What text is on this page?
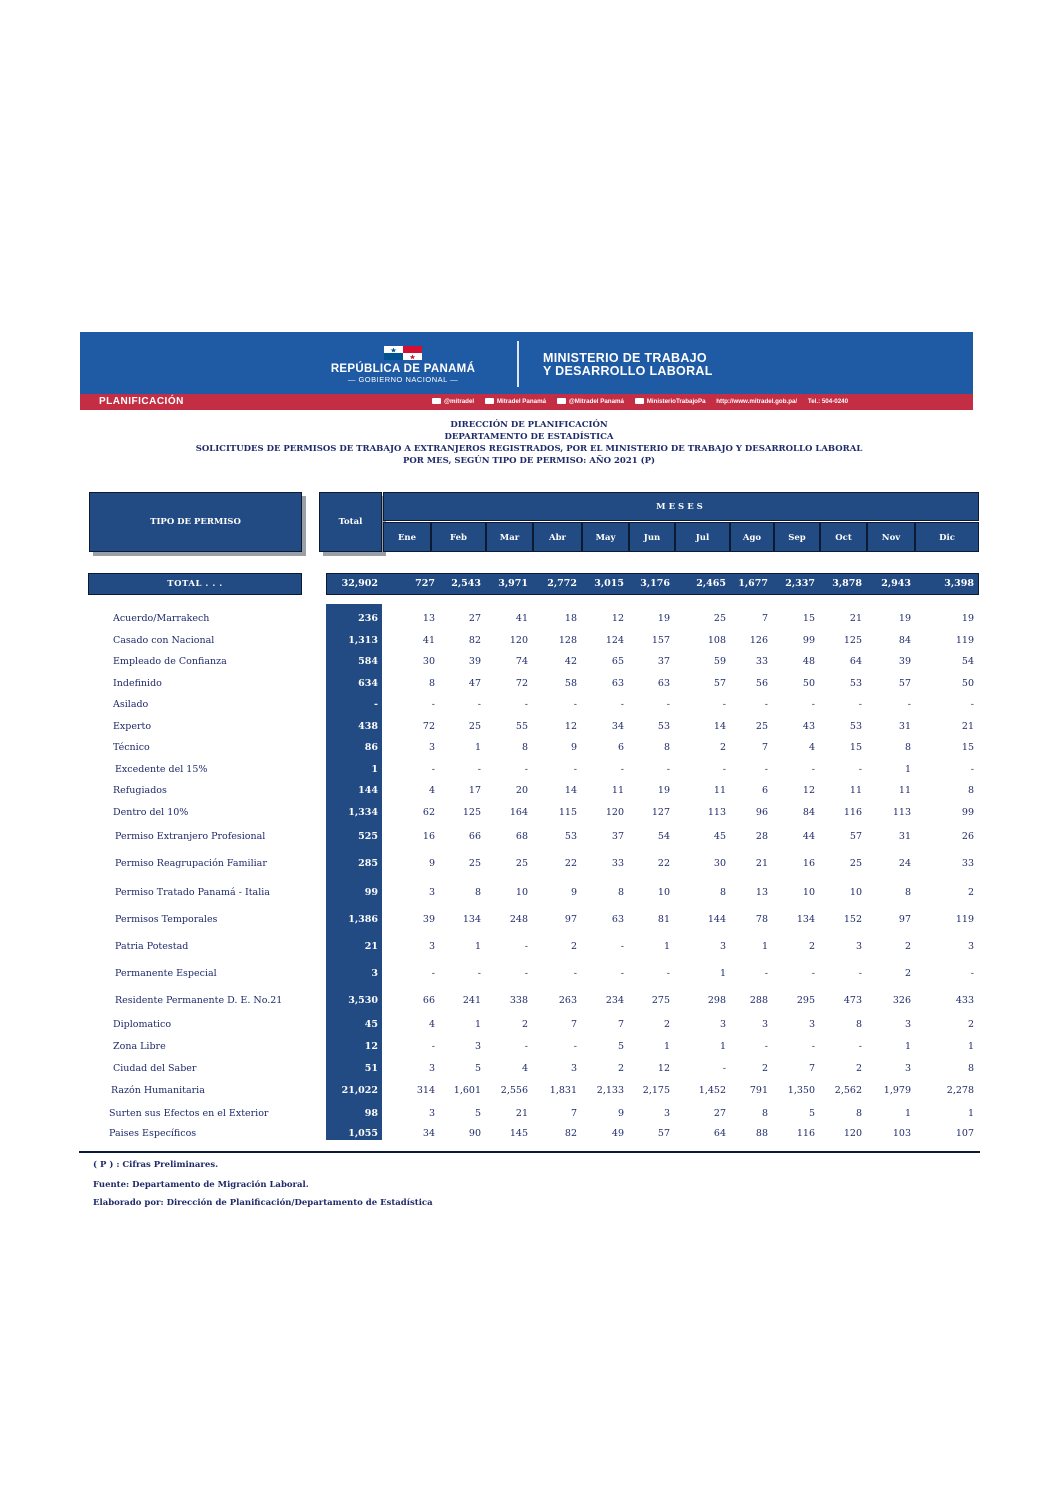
REPÚBLICA DE PANAMÁ
— GOBIERNO NACIONAL —
MINISTERIO DE TRABAJO
Y DESARROLLO LABORAL
PLANIFICACIÓN	@mitradel	Mitradel Panamá	@Mitradel Panamá	MinisterioTrabajoPa http://www.mitradel.gob.pa/ Tel.: 504-0240
DIRECCIÓN DE PLANIFICACIÓN
DEPARTAMENTO DE ESTADÍSTICA
SOLICITUDES DE PERMISOS DE TRABAJO A EXTRANJEROS REGISTRADOS, POR EL MINISTERIO DE TRABAJO Y DESARROLLO LABORAL
POR MES, SEGÚN TIPO DE PERMISO: AÑO 2021 (P)
TIPO DE PERMISO	Total
MESES
Ene	Feb	Mar	Abr	May	Jun	Jul	Ago	Sep	Oct	Nov	Dic
TOTAL . . .	32,902	727 2,543 3,971 2,772 3,015 3,176	2,465 1,677 2,337 3,878 2,943	3,398
Acuerdo/Marrakech	236	13	27	41	18	12	19	25	7	15	21	19	19
Casado con Nacional	1,313	41	82	120	128	124	157	108	126	99	125	84	119
Empleado de Confianza	584	30	39	74	42	65	37	59	33	48	64	39	54
Indefinido	634	8	47	72	58	63	63	57	56	50	53	57	50
Asilado	-	-	-	-	-	-	-	-	-	-	-	-	-
Experto	438	72	25	55	12	34	53	14	25	43	53	31	21
Técnico	86	3	1	8	9	6	8	2	7	4	15	8	15
Excedente del 15%	1	-	-	-	-	-	-	-	-	-	-	1	-
Refugiados	144	4	17	20	14	11	19	11	6	12	11	11	8
Dentro del 10%	1,334	62	125	164	115	120	127	113	96	84	116	113	99
Permiso Extranjero Profesional	525	16	66	68	53	37	54	45	28	44	57	31	26
Permiso Reagrupación Familiar	285	9	25	25	22	33	22	30	21	16	25	24	33
Permiso Tratado Panamá - Italia	99	3	8	10	9	8	10	8	13	10	10	8	2
Permisos Temporales	1,386	39	134	248	97	63	81	144	78	134	152	97	119
Patria Potestad	21	3	1	-	2	-	1	3	1	2	3	2	3
Permanente Especial	3	-	-	-	-	-	-	1	-	-	-	2	-
Residente Permanente D. E. No.21	3,530	66	241	338	263	234	275	298	288	295	473	326	433
Diplomatico	45	4	1	2	7	7	2	3	3	3	8	3	2
Zona Libre	12	-	3	-	-	5	1	1	-	-	-	1	1
Ciudad del Saber	51	3	5	4	3	2	12	-	2	7	2	3	8
Razón Humanitaria	21,022	314 1,601 2,556 1,831 2,133 2,175	1,452	791 1,350 2,562 1,979	2,278
Surten sus Efectos en el Exterior	98	3	5	21	7	9	3	27	8	5	8	1	1
Paises Específicos	1,055	34	90	145	82	49	57	64	88	116	120	103	107
( P ) : Cifras Preliminares.
Fuente: Departamento de Migración Laboral.
Elaborado por: Dirección de Planificación/Departamento de Estadística
